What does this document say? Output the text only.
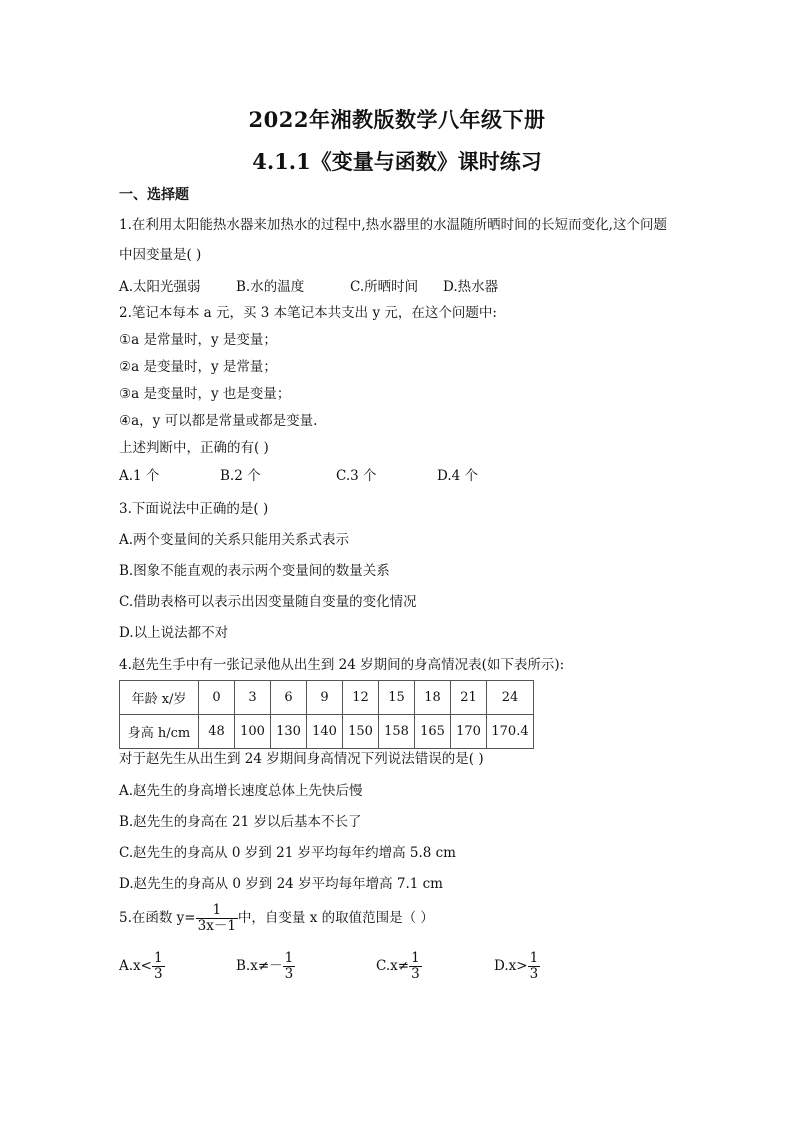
2022年湘教版数学八年级下册
4.1.1《变量与函数》课时练习
一、选择题
1.在利用太阳能热水器来加热水的过程中,热水器里的水温随所晒时间的长短而变化,这个问题
中因变量是( )
A.太阳光强弱	B.水的温度	C.所晒时间 D.热水器
2.笔记本每本 a 元，买 3 本笔记本共支出 y 元，在这个问题中:
①a 是常量时，y 是变量；
②a 是变量时，y 是常量；
③a 是变量时，y 也是变量；
④a，y 可以都是常量或都是变量.
上述判断中，正确的有( )
A.1 个	B.2 个	C.3 个	D.4 个
3.下面说法中正确的是( )
A.两个变量间的关系只能用关系式表示
B.图象不能直观的表示两个变量间的数量关系
C.借助表格可以表示出因变量随自变量的变化情况
D.以上说法都不对
4.赵先生手中有一张记录他从出生到 24 岁期间的身高情况表(如下表所示):
年龄 x/岁	0	3	6	9	12	15	18	21	24
身高 h/cm	48	100	130	140	150	158	165	170	170.4
对于赵先生从出生到 24 岁期间身高情况下列说法错误的是( )
A.赵先生的身高增长速度总体上先快后慢
B.赵先生的身高在 21 岁以后基本不长了
C.赵先生的身高从 0 岁到 21 岁平均每年约增高 5.8 cm
D.赵先生的身高从 0 岁到 24 岁平均每年增高 7.1 cm
5.在函数 $y= \frac{1}{3x-1}$ 中，自变量 x 的取值范围是（ ）
$A.x< \frac{1}{3}$	$B.x\ne- \frac{1}{3}$	$C.x\ne \frac{1}{3}$	$D.x> \frac{1}{3}$
